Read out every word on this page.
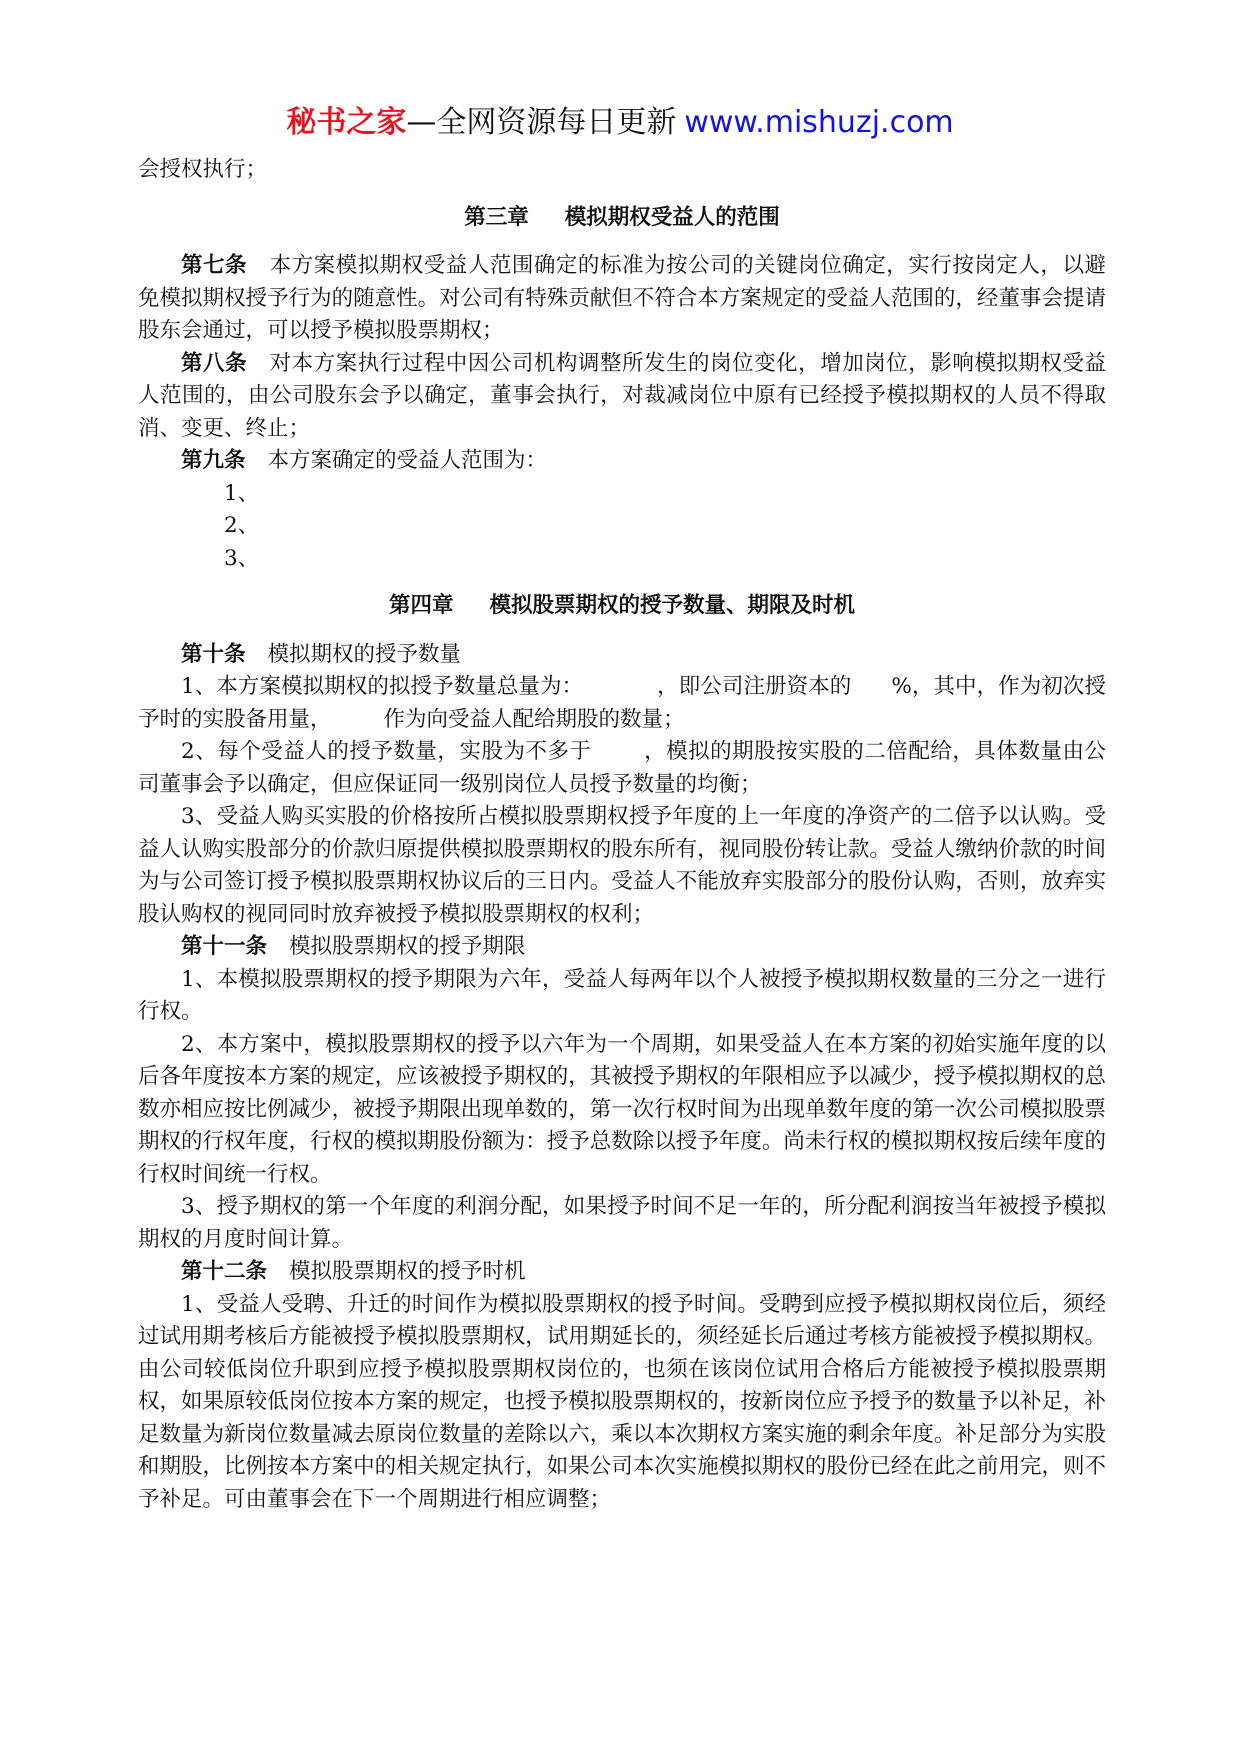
秘书之家—全网资源每日更新 www.mishuzj.com

会授权执行；

第三章 模拟期权受益人的范围

第七条 本方案模拟期权受益人范围确定的标准为按公司的关键岗位确定，实行按岗定人，以避免模拟期权授予行为的随意性。对公司有特殊贡献但不符合本方案规定的受益人范围的，经董事会提请股东会通过，可以授予模拟股票期权；

第八条 对本方案执行过程中因公司机构调整所发生的岗位变化，增加岗位，影响模拟期权受益人范围的，由公司股东会予以确定，董事会执行，对裁减岗位中原有已经授予模拟期权的人员不得取消、变更、终止；

第九条 本方案确定的受益人范围为：

1、
2、
3、
第四章 模拟股票期权的授予数量、期限及时机

第十条 模拟期权的授予数量

1、本方案模拟期权的拟授予数量总量为：	，即公司注册资本的 %，其中，作为初次授予时的实股备用量， 作为向受益人配给期股的数量；

2、每个受益人的授予数量，实股为不多于 ，模拟的期股按实股的二倍配给，具体数量由公司董事会予以确定，但应保证同一级别岗位人员授予数量的均衡；

3、受益人购买实股的价格按所占模拟股票期权授予年度的上一年度的净资产的二倍予以认购。受益人认购实股部分的价款归原提供模拟股票期权的股东所有，视同股份转让款。受益人缴纳价款的时间为与公司签订授予模拟股票期权协议后的三日内。受益人不能放弃实股部分的股份认购，否则，放弃实股认购权的视同同时放弃被授予模拟股票期权的权利；

第十一条 模拟股票期权的授予期限

1、本模拟股票期权的授予期限为六年，受益人每两年以个人被授予模拟期权数量的三分之一进行行权。

2、本方案中，模拟股票期权的授予以六年为一个周期，如果受益人在本方案的初始实施年度的以后各年度按本方案的规定，应该被授予期权的，其被授予期权的年限相应予以减少，授予模拟期权的总数亦相应按比例减少，被授予期限出现单数的，第一次行权时间为出现单数年度的第一次公司模拟股票期权的行权年度，行权的模拟期股份额为：授予总数除以授予年度。尚未行权的模拟期权按后续年度的行权时间统一行权。

3、授予期权的第一个年度的利润分配，如果授予时间不足一年的，所分配利润按当年被授予模拟期权的月度时间计算。

第十二条 模拟股票期权的授予时机

1、受益人受聘、升迁的时间作为模拟股票期权的授予时间。受聘到应授予模拟期权岗位后，须经过试用期考核后方能被授予模拟股票期权，试用期延长的，须经延长后通过考核方能被授予模拟期权。由公司较低岗位升职到应授予模拟股票期权岗位的，也须在该岗位试用合格后方能被授予模拟股票期权，如果原较低岗位按本方案的规定，也授予模拟股票期权的，按新岗位应予授予的数量予以补足，补足数量为新岗位数量减去原岗位数量的差除以六，乘以本次期权方案实施的剩余年度。补足部分为实股和期股，比例按本方案中的相关规定执行，如果公司本次实施模拟期权的股份已经在此之前用完，则不予补足。可由董事会在下一个周期进行相应调整；
